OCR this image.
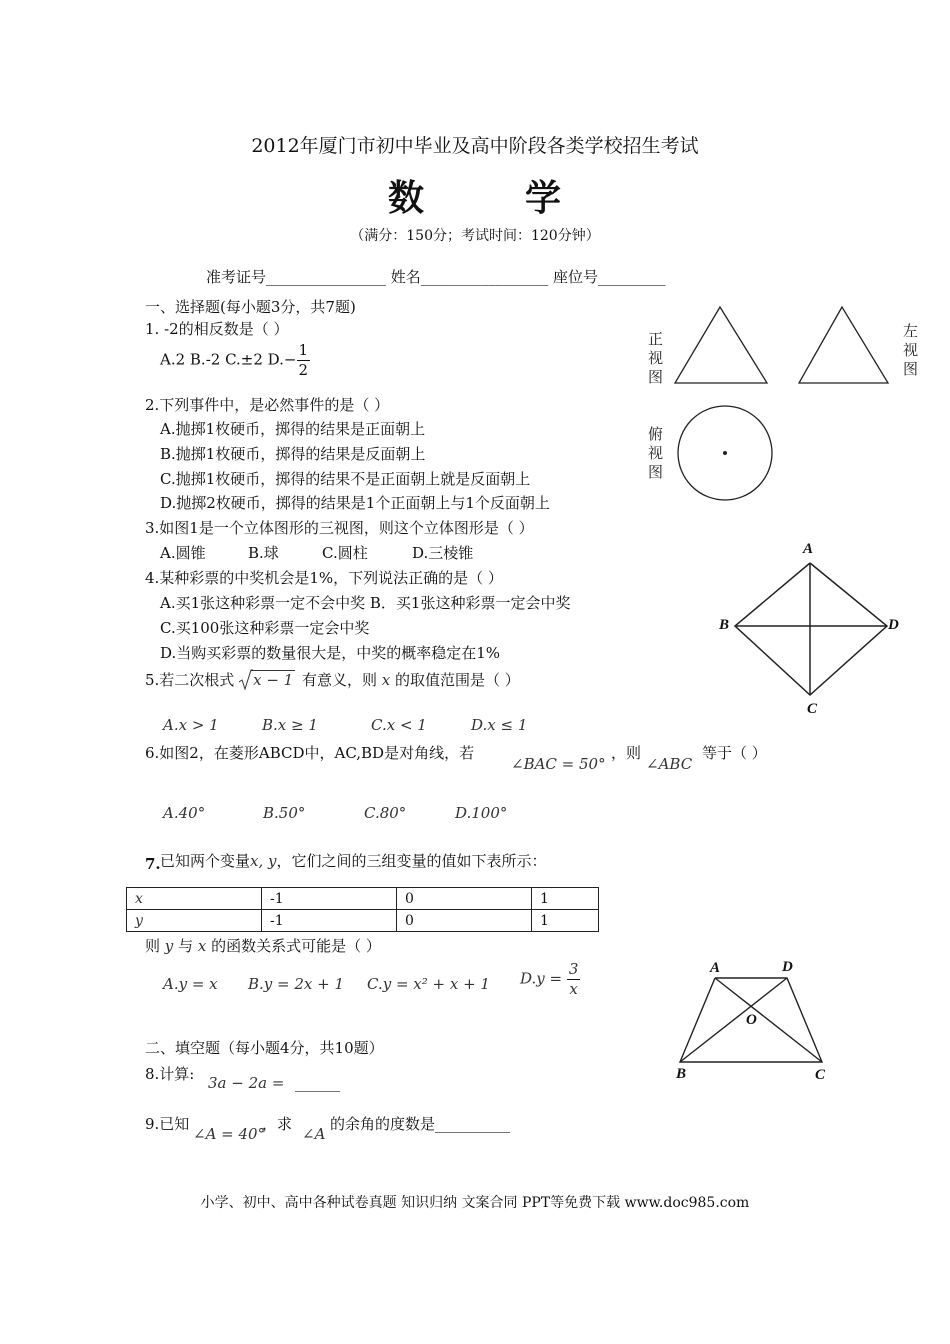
2012年厦门市初中毕业及高中阶段各类学校招生考试
数	学
（满分：150分；考试时间：120分钟）
准考证号________________ 姓名_________________ 座位号_________
一、选择题(每小题3分，共7题)
1. -2的相反数是（ ）
A.2 B.-2 C.±2 $D.- \frac{1}{2}$
2.下列事件中，是必然事件的是（ ）
A.抛掷1枚硬币，掷得的结果是正面朝上
B.抛掷1枚硬币，掷得的结果是反面朝上
C.抛掷1枚硬币，掷得的结果不是正面朝上就是反面朝上
D.抛掷2枚硬币，掷得的结果是1个正面朝上与1个反面朝上
3.如图1是一个立体图形的三视图，则这个立体图形是（ ）
A.圆锥	B.球	C.圆柱	D.三棱锥
4.某种彩票的中奖机会是1%，下列说法正确的是（ ）
A.买1张这种彩票一定不会中奖 B．买1张这种彩票一定会中奖
C.买100张这种彩票一定会中奖
D.当购买彩票的数量很大是，中奖的概率稳定在1%
5.若二次根式 x − 1 有意义，则 x 的取值范围是（ ）
A.x > 1	B.x ≥ 1	C.x < 1	D.x ≤ 1
6.如图2，在菱形ABCD中，AC,BD是对角线，若
∠BAC = 50°
，则
∠ABC
等于（ ）
A.40°	B.50°	C.80°	D.100°
7. 已知两个变量x, y，它们之间的三组变量的值如下表所示：
x	-1	0	1
y	-1	0	1
则 y 与 x 的函数关系式可能是（ ）
A.y = x B.y = 2x + 1 C.y = x² + x + 1 $D.y = \frac{3}{x}$
二、填空题（每小题4分，共10题）
8.计算: 3a − 2a = ______
9.已知
∠A = 40°
，求
∠A
的余角的度数是__________
正视图
左视图
俯视图
A
B
C
D
A	D
O
B	C
小学、初中、高中各种试卷真题 知识归纳 文案合同 PPT等免费下载 www.doc985.com
